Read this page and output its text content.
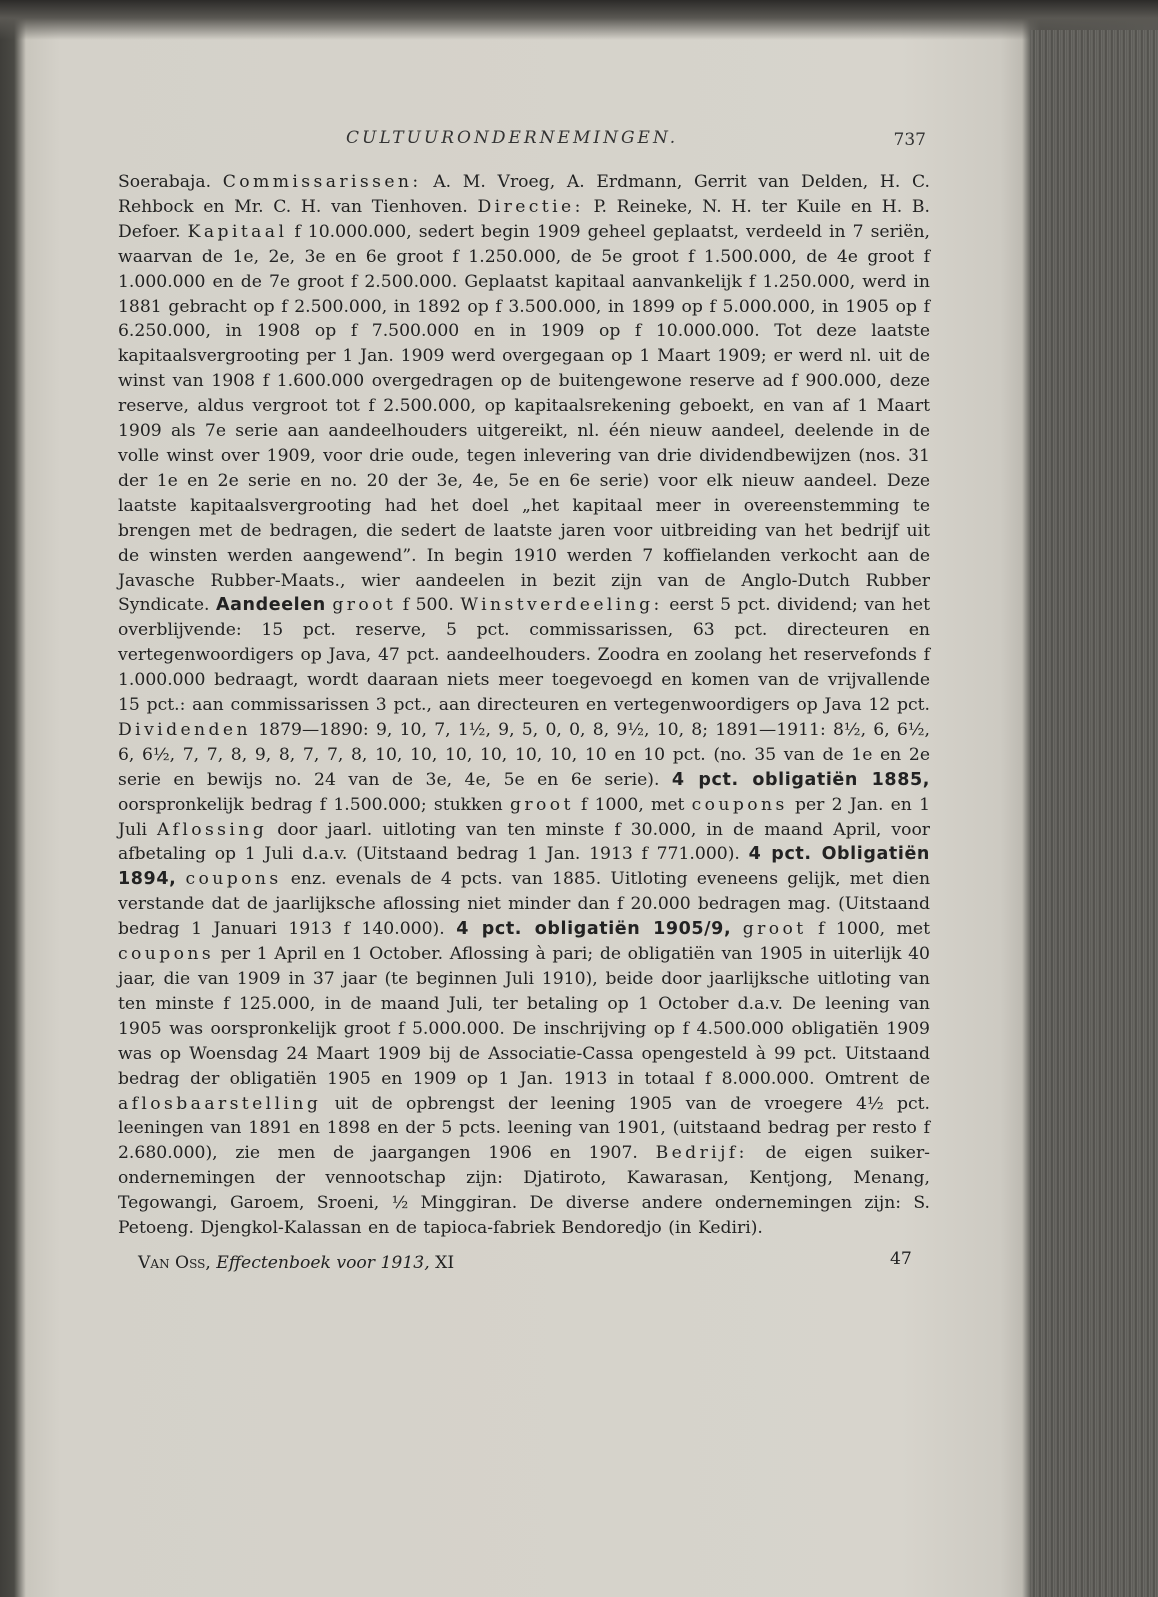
CULTUURONDERNEMINGEN.	737
Soerabaja. Commissarissen: A. M. Vroeg, A. Erdmann, Gerrit van Delden, H. C. Rehbock en Mr. C. H. van Tienhoven. Directie: P. Reineke, N. H. ter Kuile en H. B. Defoer. Kapitaal f 10.000.000, sedert begin 1909 geheel geplaatst, verdeeld in 7 seriën, waarvan de 1e, 2e, 3e en 6e groot f 1.250.000, de 5e groot f 1.500.000, de 4e groot f 1.000.000 en de 7e groot f 2.500.000. Geplaatst kapitaal aanvankelijk f 1.250.000, werd in 1881 gebracht op f 2.500.000, in 1892 op f 3.500.000, in 1899 op f 5.000.000, in 1905 op f 6.250.000, in 1908 op f 7.500.000 en in 1909 op f 10.000.000. Tot deze laatste kapitaalsvergrooting per 1 Jan. 1909 werd overgegaan op 1 Maart 1909; er werd nl. uit de winst van 1908 f 1.600.000 overgedragen op de buitengewone reserve ad f 900.000, deze reserve, aldus vergroot tot f 2.500.000, op kapitaalsrekening geboekt, en van af 1 Maart 1909 als 7e serie aan aandeelhouders uitgereikt, nl. één nieuw aandeel, deelende in de volle winst over 1909, voor drie oude, tegen inlevering van drie dividendbewijzen (nos. 31 der 1e en 2e serie en no. 20 der 3e, 4e, 5e en 6e serie) voor elk nieuw aandeel. Deze laatste kapitaalsvergrooting had het doel „het kapitaal meer in overeenstemming te brengen met de bedragen, die sedert de laatste jaren voor uitbreiding van het bedrijf uit de winsten werden aangewend”. In begin 1910 werden 7 koffielanden verkocht aan de Javasche Rubber-Maats., wier aandeelen in bezit zijn van de Anglo-Dutch Rubber Syndicate. Aandeelen groot f 500. Winstverdeeling: eerst 5 pct. dividend; van het overblijvende: 15 pct. reserve, 5 pct. commissarissen, 63 pct. directeuren en vertegenwoordigers op Java, 47 pct. aandeelhouders. Zoodra en zoolang het reservefonds f 1.000.000 bedraagt, wordt daaraan niets meer toegevoegd en komen van de vrijvallende 15 pct.: aan commissarissen 3 pct., aan directeuren en vertegenwoordigers op Java 12 pct. Dividenden 1879—1890: 9, 10, 7, 1½, 9, 5, 0, 0, 8, 9½, 10, 8; 1891—1911: 8½, 6, 6½, 6, 6½, 7, 7, 8, 9, 8, 7, 7, 8, 10, 10, 10, 10, 10, 10, 10 en 10 pct. (no. 35 van de 1e en 2e serie en bewijs no. 24 van de 3e, 4e, 5e en 6e serie). 4 pct. obligatiën 1885, oorspronkelijk bedrag f 1.500.000; stukken groot f 1000, met coupons per 2 Jan. en 1 Juli Aflossing door jaarl. uitloting van ten minste f 30.000, in de maand April, voor afbetaling op 1 Juli d.a.v. (Uitstaand bedrag 1 Jan. 1913 f 771.000). 4 pct. Obligatiën 1894, coupons enz. evenals de 4 pcts. van 1885. Uitloting eveneens gelijk, met dien verstande dat de jaarlijksche aflossing niet minder dan f 20.000 bedragen mag. (Uitstaand bedrag 1 Januari 1913 f 140.000). 4 pct. obligatiën 1905/9, groot f 1000, met coupons per 1 April en 1 October. Aflossing à pari; de obligatiën van 1905 in uiterlijk 40 jaar, die van 1909 in 37 jaar (te beginnen Juli 1910), beide door jaarlijksche uitloting van ten minste f 125.000, in de maand Juli, ter betaling op 1 October d.a.v. De leening van 1905 was oorspronkelijk groot f 5.000.000. De inschrijving op f 4.500.000 obligatiën 1909 was op Woensdag 24 Maart 1909 bij de Associatie-Cassa opengesteld à 99 pct. Uitstaand bedrag der obligatiën 1905 en 1909 op 1 Jan. 1913 in totaal f 8.000.000. Omtrent de aflosbaarstelling uit de opbrengst der leening 1905 van de vroegere 4½ pct. leeningen van 1891 en 1898 en der 5 pcts. leening van 1901, (uitstaand bedrag per resto f 2.680.000), zie men de jaargangen 1906 en 1907. Bedrijf: de eigen suiker-ondernemingen der vennootschap zijn: Djatiroto, Kawarasan, Kentjong, Menang, Tegowangi, Garoem, Sroeni, ½ Minggiran. De diverse andere ondernemingen zijn: S. Petoeng. Djengkol-Kalassan en de tapioca-fabriek Bendoredjo (in Kediri).
Van Oss, Effectenboek voor 1913, XI	47
